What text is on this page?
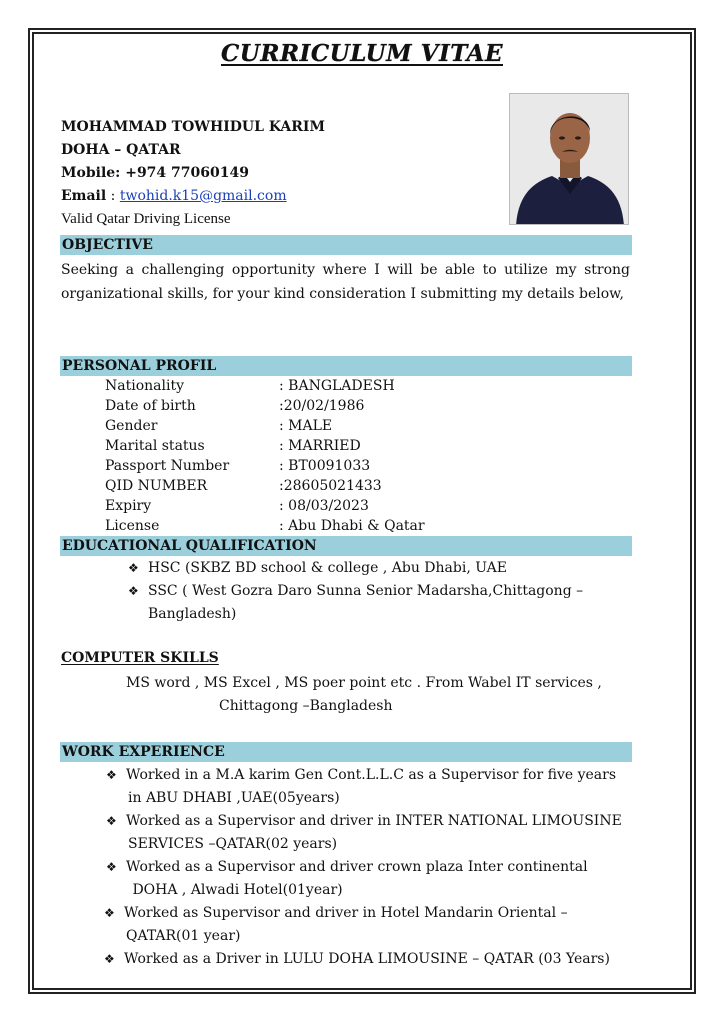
CURRICULUM VITAE
MOHAMMAD TOWHIDUL KARIM
DOHA – QATAR
Mobile: +974 77060149
Email : twohid.k15@gmail.com
Valid Qatar Driving License
OBJECTIVE
Seeking a challenging opportunity where I will be able to utilize my strong organizational skills, for your kind consideration I submitting my details below,
PERSONAL PROFIL
Nationality	: BANGLADESH
Date of birth	:20/02/1986
Gender	: MALE
Marital status	: MARRIED
Passport Number	: BT0091033
QID NUMBER	:28605021433
Expiry	: 08/03/2023
License	: Abu Dhabi & Qatar
EDUCATIONAL QUALIFICATION
❖ HSC (SKBZ BD school & college , Abu Dhabi, UAE
❖ SSC ( West Gozra Daro Sunna Senior Madarsha,Chittagong –
Bangladesh)
COMPUTER SKILLS
MS word , MS Excel , MS poer point etc . From Wabel IT services ,
Chittagong –Bangladesh
WORK EXPERIENCE
❖ Worked in a M.A karim Gen Cont.L.L.C as a Supervisor for five years
in ABU DHABI ,UAE(05years)
❖ Worked as a Supervisor and driver in INTER NATIONAL LIMOUSINE
SERVICES –QATAR(02 years)
❖ Worked as a Supervisor and driver crown plaza Inter continental
DOHA , Alwadi Hotel(01year)
❖ Worked as Supervisor and driver in Hotel Mandarin Oriental –
QATAR(01 year)
❖ Worked as a Driver in LULU DOHA LIMOUSINE – QATAR (03 Years)
